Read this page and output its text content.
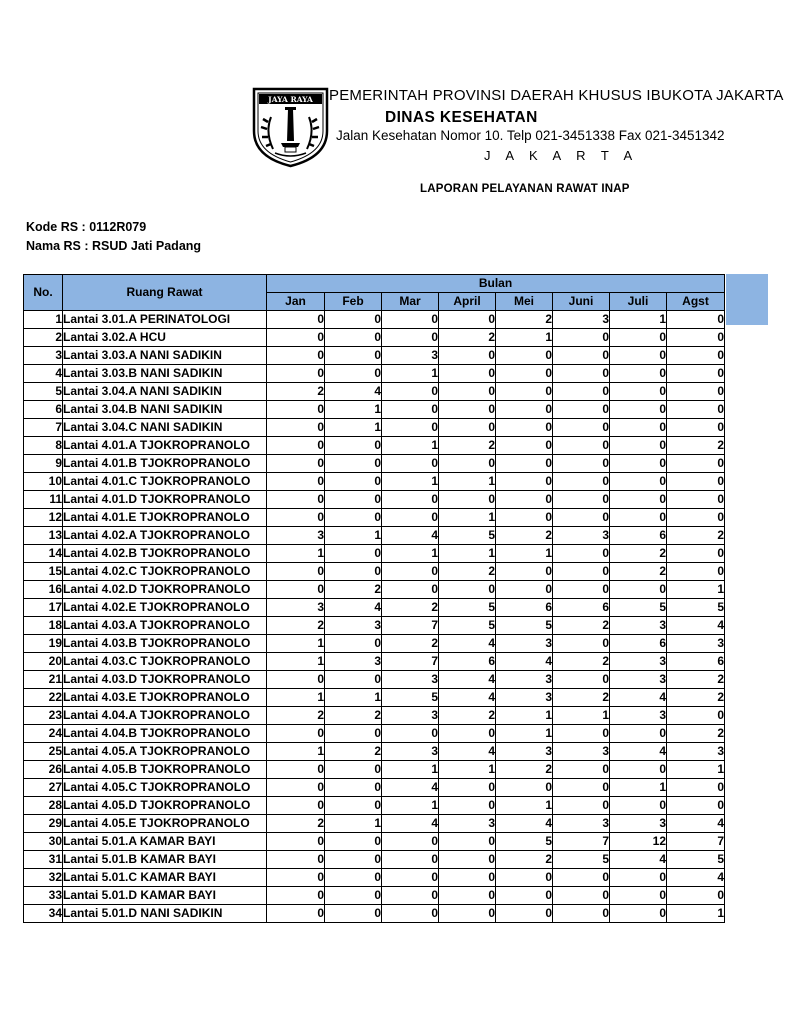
JAYA RAYA PEMERINTAH PROVINSI DAERAH KHUSUS IBUKOTA JAKARTA
DINAS KESEHATAN
Jalan Kesehatan Nomor 10. Telp 021-3451338 Fax 021-3451342
J A K A R T A
LAPORAN PELAYANAN RAWAT INAP
Kode RS : 0112R079
Nama RS : RSUD Jati Padang
No.	Ruang Rawat	Bulan							
		Jan	Feb	Mar	April	Mei	Juni	Juli	Agst
1	Lantai 3.01.A PERINATOLOGI	0	0	0	0	2	3	1	0
2	Lantai 3.02.A HCU	0	0	0	2	1	0	0	0
3	Lantai 3.03.A NANI SADIKIN	0	0	3	0	0	0	0	0
4	Lantai 3.03.B NANI SADIKIN	0	0	1	0	0	0	0	0
5	Lantai 3.04.A NANI SADIKIN	2	4	0	0	0	0	0	0
6	Lantai 3.04.B NANI SADIKIN	0	1	0	0	0	0	0	0
7	Lantai 3.04.C NANI SADIKIN	0	1	0	0	0	0	0	0
8	Lantai 4.01.A TJOKROPRANOLO	0	0	1	2	0	0	0	2
9	Lantai 4.01.B TJOKROPRANOLO	0	0	0	0	0	0	0	0
10	Lantai 4.01.C TJOKROPRANOLO	0	0	1	1	0	0	0	0
11	Lantai 4.01.D TJOKROPRANOLO	0	0	0	0	0	0	0	0
12	Lantai 4.01.E TJOKROPRANOLO	0	0	0	1	0	0	0	0
13	Lantai 4.02.A TJOKROPRANOLO	3	1	4	5	2	3	6	2
14	Lantai 4.02.B TJOKROPRANOLO	1	0	1	1	1	0	2	0
15	Lantai 4.02.C TJOKROPRANOLO	0	0	0	2	0	0	2	0
16	Lantai 4.02.D TJOKROPRANOLO	0	2	0	0	0	0	0	1
17	Lantai 4.02.E TJOKROPRANOLO	3	4	2	5	6	6	5	5
18	Lantai 4.03.A TJOKROPRANOLO	2	3	7	5	5	2	3	4
19	Lantai 4.03.B TJOKROPRANOLO	1	0	2	4	3	0	6	3
20	Lantai 4.03.C TJOKROPRANOLO	1	3	7	6	4	2	3	6
21	Lantai 4.03.D TJOKROPRANOLO	0	0	3	4	3	0	3	2
22	Lantai 4.03.E TJOKROPRANOLO	1	1	5	4	3	2	4	2
23	Lantai 4.04.A TJOKROPRANOLO	2	2	3	2	1	1	3	0
24	Lantai 4.04.B TJOKROPRANOLO	0	0	0	0	1	0	0	2
25	Lantai 4.05.A TJOKROPRANOLO	1	2	3	4	3	3	4	3
26	Lantai 4.05.B TJOKROPRANOLO	0	0	1	1	2	0	0	1
27	Lantai 4.05.C TJOKROPRANOLO	0	0	4	0	0	0	1	0
28	Lantai 4.05.D TJOKROPRANOLO	0	0	1	0	1	0	0	0
29	Lantai 4.05.E TJOKROPRANOLO	2	1	4	3	4	3	3	4
30	Lantai 5.01.A KAMAR BAYI	0	0	0	0	5	7	12	7
31	Lantai 5.01.B KAMAR BAYI	0	0	0	0	2	5	4	5
32	Lantai 5.01.C KAMAR BAYI	0	0	0	0	0	0	0	4
33	Lantai 5.01.D KAMAR BAYI	0	0	0	0	0	0	0	0
34	Lantai 5.01.D NANI SADIKIN	0	0	0	0	0	0	0	1
